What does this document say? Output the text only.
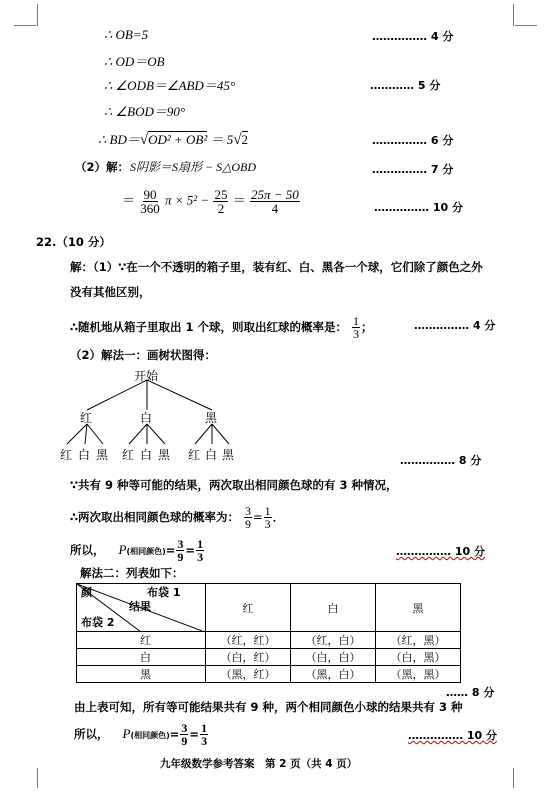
∴ OB=5	…………… 4 分
∴ OD＝OB
∴ ∠ODB＝∠ABD＝45°	………… 5 分
∴ ∠BOD＝90°
∴ BD＝√OD² + OB² ＝ 5√2	…………… 6 分
（2）解： S阴影＝S扇形 − S△OBD	…………… 7 分
＝ $\frac{90}{360}$ $\pi \times 5^2 - \frac{25}{2} = \frac{25\pi - 50}{4}$	…………… 10 分
22.（10 分）
解：（1）∵在一个不透明的箱子里，装有红、白、黑各一个球，它们除了颜色之外
没有其他区别，
∴随机地从箱子里取出 1 个球，则取出红球的概率是： $\frac{1}{3}$ ；	…………… 4 分
（2）解法一：画树状图得：
开始
红	白	黑
红 白 黑 红 白 黑 红 白 黑	…………… 8 分
∵共有 9 种等可能的结果，两次取出相同颜色球的有 3 种情况，
∴两次取出相同颜色球的概率为： $\frac{3}{9} = \frac{1}{3}$ ．
所以， P(相同颜色)= $\frac{3}{9} = \frac{1}{3}$	…………… 10 分
解法二：列表如下：
颜 布袋 1
结果
布袋 2	红	白	黑
红	（红，红）	（红，白）	（红，黑）
白	（白，红）	（白，白）	（白，黑）
黑	（黑，红）	（黑，白）	（黑，黑）
…… 8 分
由上表可知，所有等可能结果共有 9 种，两个相同颜色小球的结果共有 3 种
所以， P(相同颜色)= $\frac{3}{9} = \frac{1}{3}$	…………… 10 分
九年级数学参考答案　第 2 页（共 4 页）
